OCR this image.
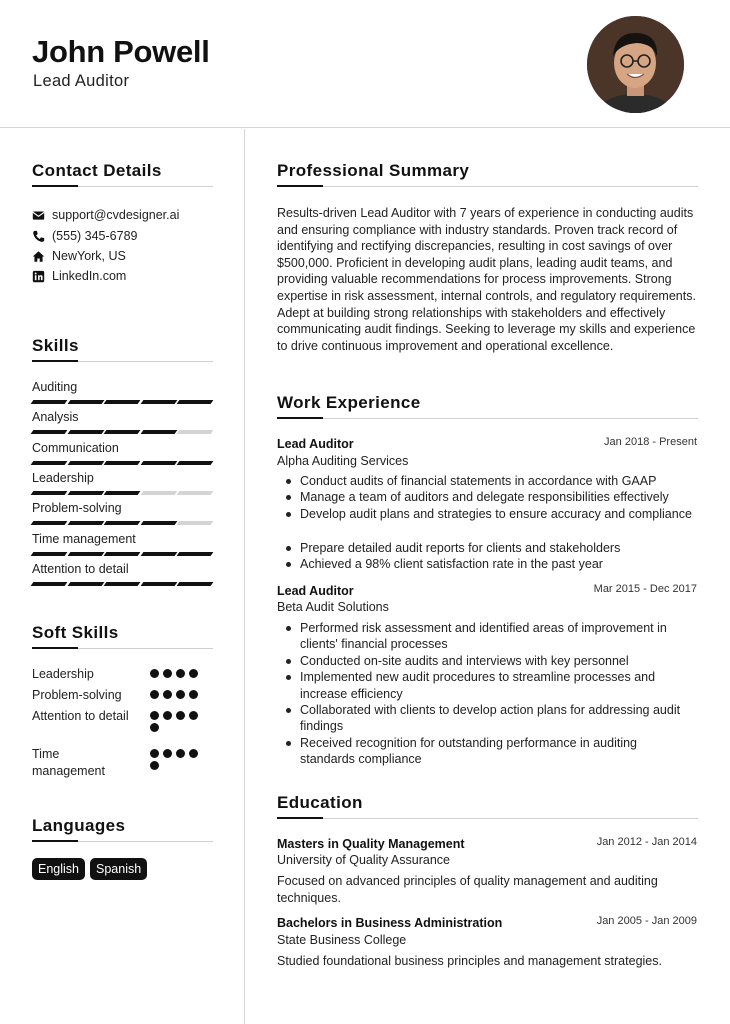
John Powell
Lead Auditor
Contact Details
support@cvdesigner.ai
(555) 345-6789
NewYork, US
LinkedIn.com
Skills
Auditing
Analysis
Communication
Leadership
Problem-solving
Time management
Attention to detail
Soft Skills
Leadership
Problem-solving
Attention to detail
Time management
Languages
English	Spanish
Professional Summary
Results-driven Lead Auditor with 7 years of experience in conducting audits and ensuring compliance with industry standards. Proven track record of identifying and rectifying discrepancies, resulting in cost savings of over $500,000. Proficient in developing audit plans, leading audit teams, and providing valuable recommendations for process improvements. Strong expertise in risk assessment, internal controls, and regulatory requirements. Adept at building strong relationships with stakeholders and effectively communicating audit findings. Seeking to leverage my skills and experience to drive continuous improvement and operational excellence.
Work Experience
Lead Auditor	Jan 2018 - Present
Alpha Auditing Services
Conduct audits of financial statements in accordance with GAAP
Manage a team of auditors and delegate responsibilities effectively
Develop audit plans and strategies to ensure accuracy and compliance
Prepare detailed audit reports for clients and stakeholders
Achieved a 98% client satisfaction rate in the past year
Lead Auditor	Mar 2015 - Dec 2017
Beta Audit Solutions
Performed risk assessment and identified areas of improvement in clients' financial processes
Conducted on-site audits and interviews with key personnel
Implemented new audit procedures to streamline processes and increase efficiency
Collaborated with clients to develop action plans for addressing audit findings
Received recognition for outstanding performance in auditing standards compliance
Education
Masters in Quality Management	Jan 2012 - Jan 2014
University of Quality Assurance
Focused on advanced principles of quality management and auditing techniques.
Bachelors in Business Administration	Jan 2005 - Jan 2009
State Business College
Studied foundational business principles and management strategies.
